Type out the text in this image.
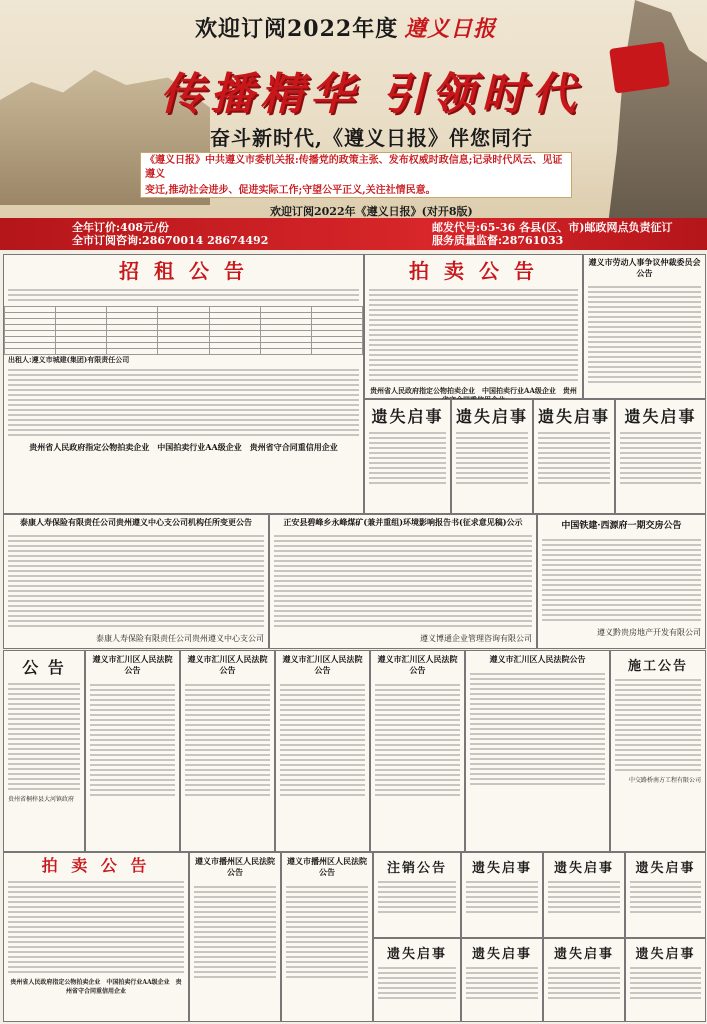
欢迎订阅2022年度 遵义日报
传播精华 引领时代
奋斗新时代,《遵义日报》伴您同行
《遵义日报》中共遵义市委机关报:传播党的政策主张、发布权威时政信息;记录时代风云、见证遵义
变迁,推动社会进步、促进实际工作;守望公平正义,关注社情民意。
欢迎订阅2022年《遵义日报》(对开8版)
全年订价:408元/份
全市订阅咨询:28670014 28674492
邮发代号:65-36 各县(区、市)邮政网点负责征订
服务质量监督:28761033
招 租 公 告

出租人:遵义市城建(集团)有限责任公司
贵州省人民政府指定公物拍卖企业　中国拍卖行业AA级企业　贵州省守合同重信用企业
拍 卖 公 告
贵州省人民政府指定公物拍卖企业　中国拍卖行业AA级企业　贵州
遵义市劳动人事争议仲裁委员会公告
遗失启事 遗失启事 遗失启事 遗失启事
泰康人寿保险有限责任公司贵州遵义中心支公司机构任所变更公告
泰康人寿保险有限责任公司贵州遵义中心支公司
正安县碧峰乡永峰煤矿(兼并重组)环境影响报告书(征求意见稿)公示
遵义博通企业管理咨询有限公司
中国铁建·西源府一期交房公告
遵义黔贵房地产开发有限公司
公 告
贵州省桐梓县大河镇政府
遵义市汇川区人民法院公告
遵义市汇川区人民法院公告
遵义市汇川区人民法院公告
遵义市汇川区人民法院公告
遵义市汇川区人民法院公告	施工公告
中交路桥南方工程有限公司
拍 卖 公 告
贵州省人民政府指定公物拍卖企业　中国拍卖行业AA级企业　贵州省守合同重信用企业
遵义市播州区人民法院公告
遵义市播州区人民法院公告	注销公告	遗失启事	遗失启事	遗失启事
遗失启事	遗失启事	遗失启事	遗失启事
